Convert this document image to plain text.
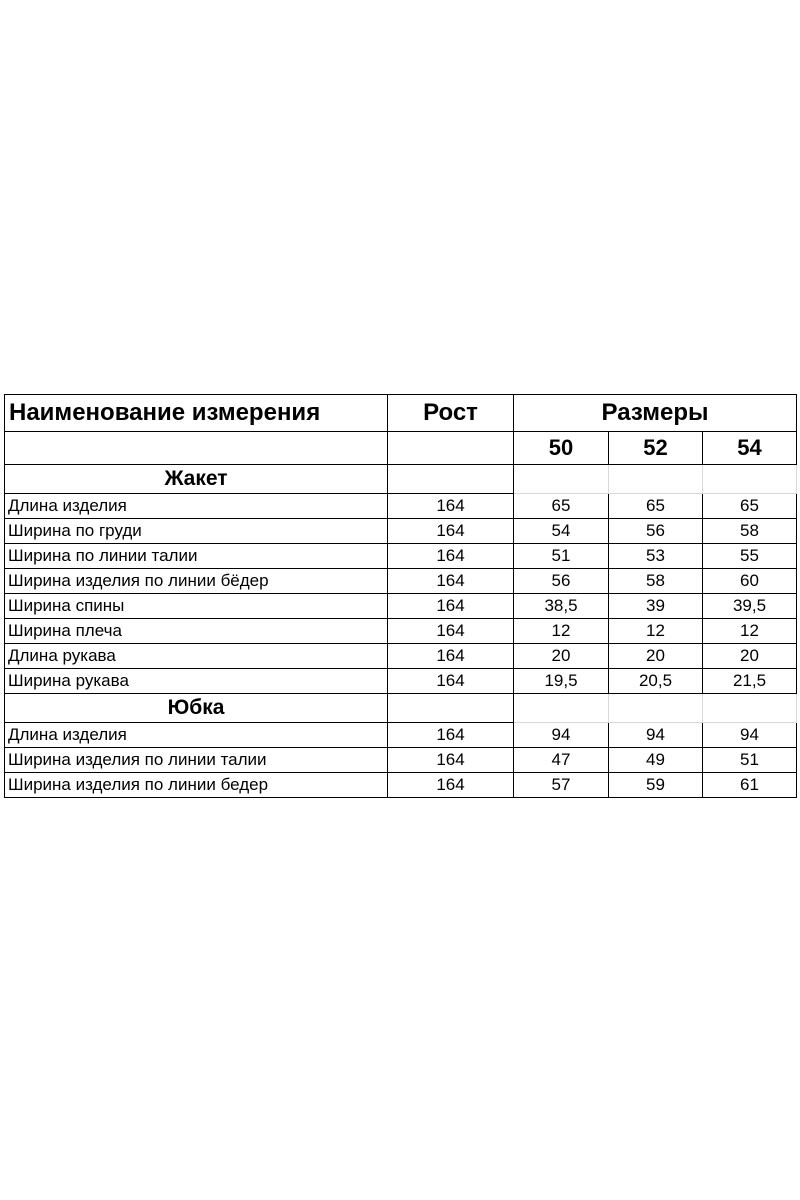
Наименование измерения	Рост	Размеры		
		50	52	54
Жакет				
Длина изделия	164	65	65	65
Ширина по груди	164	54	56	58
Ширина по линии талии	164	51	53	55
Ширина изделия по линии бёдер	164	56	58	60
Ширина спины	164	38,5	39	39,5
Ширина плеча	164	12	12	12
Длина рукава	164	20	20	20
Ширина рукава	164	19,5	20,5	21,5
Юбка				
Длина изделия	164	94	94	94
Ширина изделия по линии талии	164	47	49	51
Ширина изделия по линии бедер	164	57	59	61
